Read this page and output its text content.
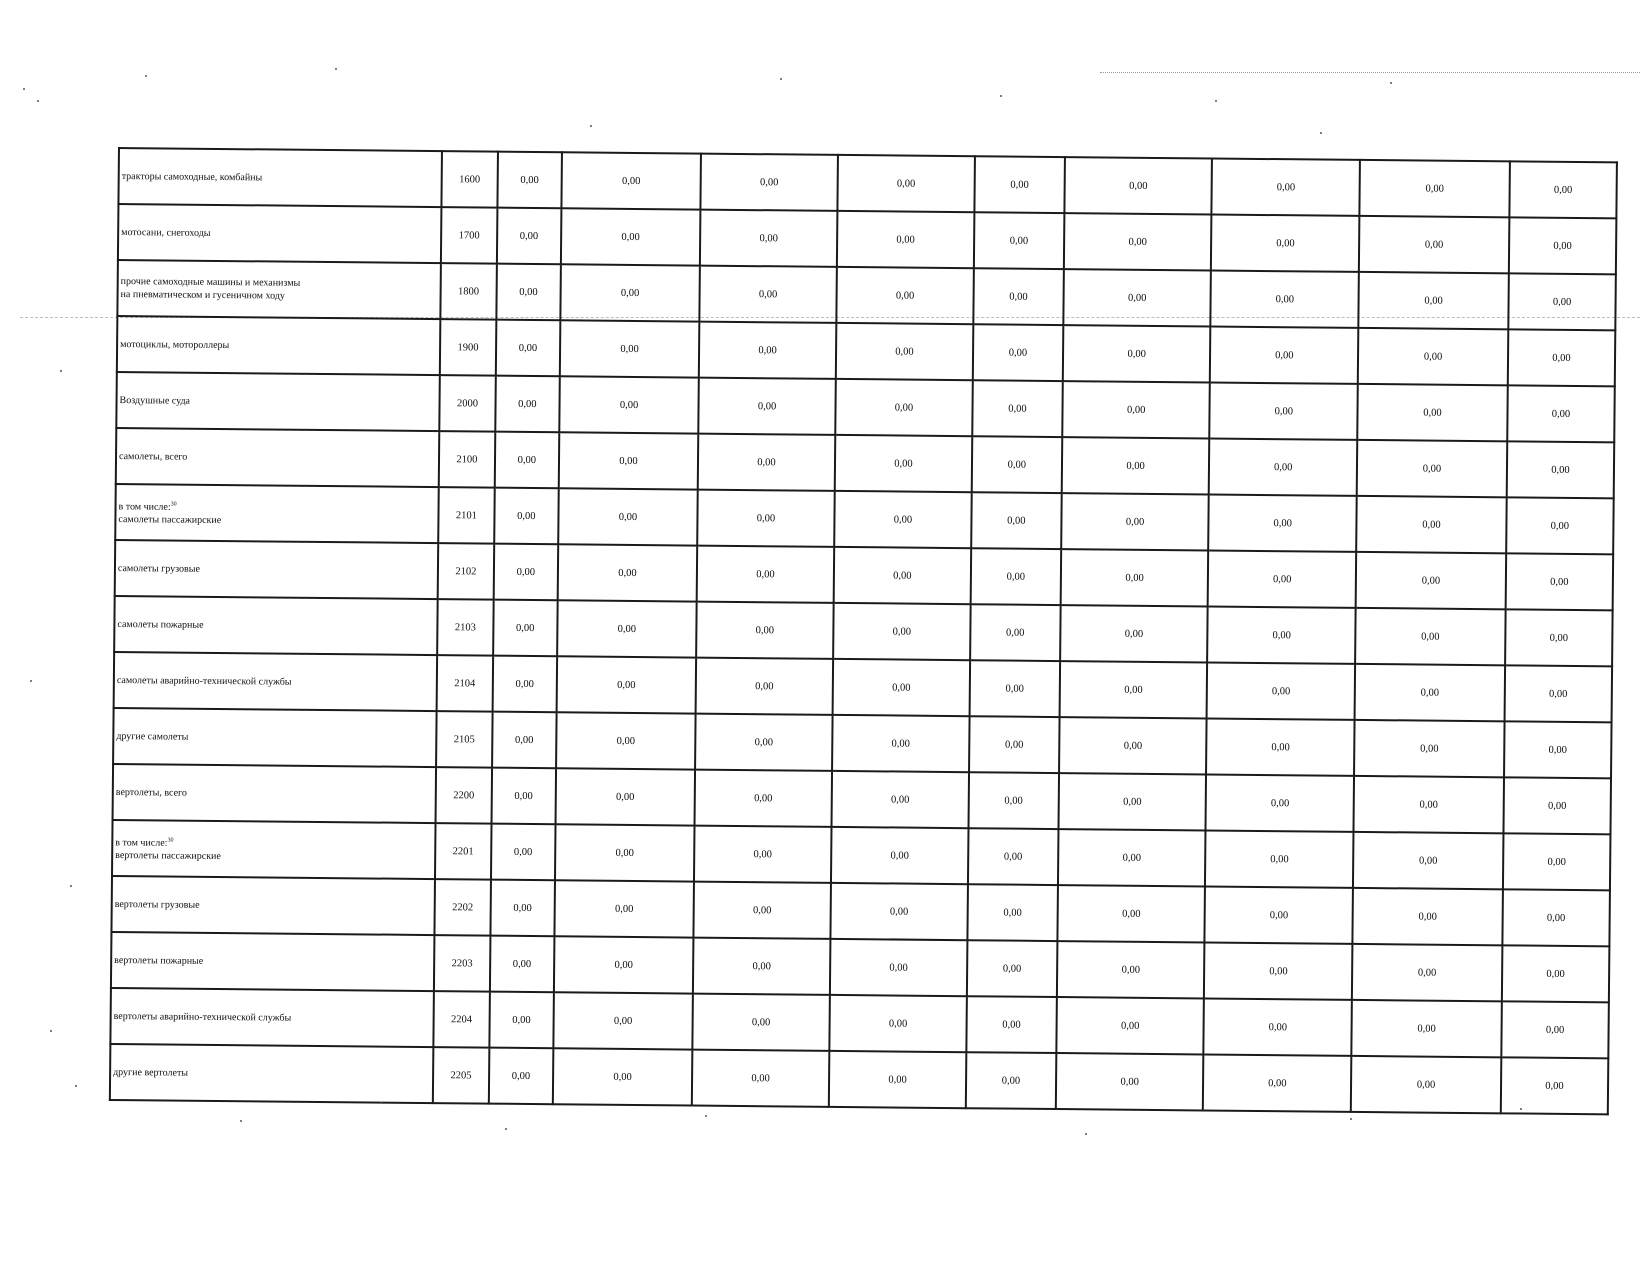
тракторы самоходные, комбайны	1600	0,00	0,00	0,00	0,00	0,00	0,00	0,00	0,00	0,00

мотосани, снегоходы	1700	0,00	0,00	0,00	0,00	0,00	0,00	0,00	0,00	0,00

прочие самоходные машины и механизмы
на пневматическом и гусеничном ходу	1800	0,00	0,00	0,00	0,00	0,00	0,00	0,00	0,00	0,00

мотоциклы, мотороллеры	1900	0,00	0,00	0,00	0,00	0,00	0,00	0,00	0,00	0,00

Воздушные суда	2000	0,00	0,00	0,00	0,00	0,00	0,00	0,00	0,00	0,00

самолеты, всего	2100	0,00	0,00	0,00	0,00	0,00	0,00	0,00	0,00	0,00
в том числе:$^{30}$
самолеты пассажирские	2101	0,00	0,00	0,00	0,00	0,00	0,00	0,00	0,00	0,00

самолеты грузовые	2102	0,00	0,00	0,00	0,00	0,00	0,00	0,00	0,00	0,00

самолеты пожарные	2103	0,00	0,00	0,00	0,00	0,00	0,00	0,00	0,00	0,00

самолеты аварийно-технической службы	2104	0,00	0,00	0,00	0,00	0,00	0,00	0,00	0,00	0,00

другие самолеты	2105	0,00	0,00	0,00	0,00	0,00	0,00	0,00	0,00	0,00

вертолеты, всего	2200	0,00	0,00	0,00	0,00	0,00	0,00	0,00	0,00	0,00
в том числе:$^{30}$
вертолеты пассажирские	2201	0,00	0,00	0,00	0,00	0,00	0,00	0,00	0,00	0,00

вертолеты грузовые	2202	0,00	0,00	0,00	0,00	0,00	0,00	0,00	0,00	0,00

вертолеты пожарные	2203	0,00	0,00	0,00	0,00	0,00	0,00	0,00	0,00	0,00

вертолеты аварийно-технической службы	2204	0,00	0,00	0,00	0,00	0,00	0,00	0,00	0,00	0,00

другие вертолеты	2205	0,00	0,00	0,00	0,00	0,00	0,00	0,00	0,00	0,00
